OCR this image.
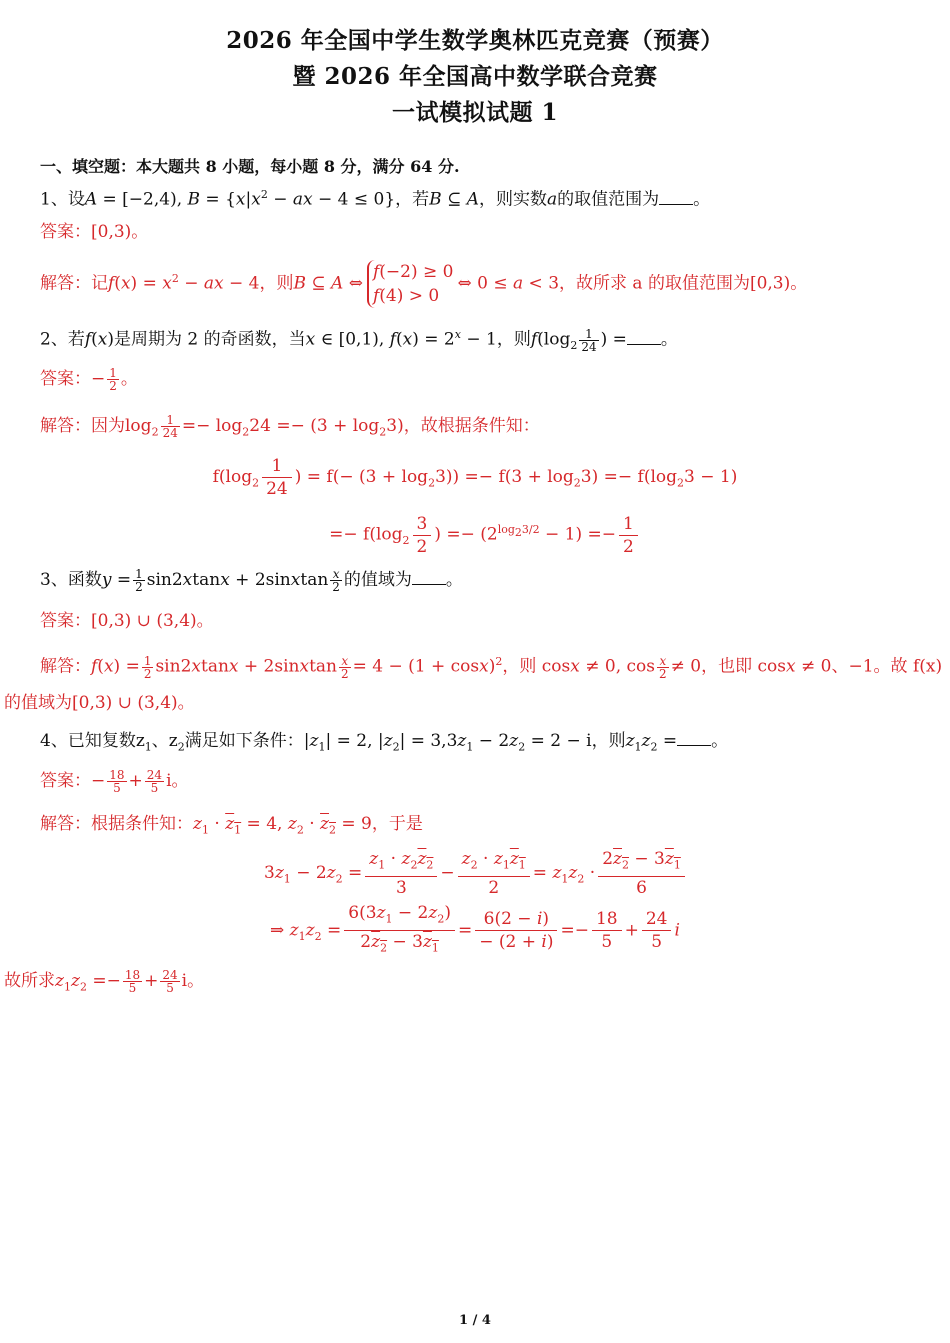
2026 年全国中学生数学奥林匹克竞赛（预赛）
暨 2026 年全国高中数学联合竞赛
一试模拟试题 1
一、填空题：本大题共 8 小题，每小题 8 分，满分 64 分.
1、设A = [−2,4), $B = \{x|x^2$ − ax − 4 ≤ 0}，若B ⊆ A，则实数a的取值范围为 。
答案：[0,3)。
解答：记$f(x) = x^2$ − ax − 4，则B ⊆ A ⇔
f(−2) ≥ 0
f(4) > 0
⇔ 0 ≤ a < 3，故所求 a 的取值范围为[0,3)。
2、若f(x)是周期为 2 的奇函数，当x ∈ [0,1), $f(x) = 2^x - 1$，则$f(\log_2 \frac{1}{24}$ ) = 。
答案：− $\frac{1}{2}$ 。
解答：因为$\log_2 \frac{1}{24} =- \log_224 =- (3 + \log_23)$，故根据条件知：
$f(\log_2 \frac{1}{24}$ ) = $f(- (3 + \log_23)) =- f(3 + \log_23) =- f(\log_23 - 1)$
=− $f(\log_2 \frac{3}{2}$ ) =− $(2^{log_23/2} - 1) =- \frac{1}{2}$
3、函数$y = \frac{1}{2} \sin 2xtanx$ + 2sinxtan $\frac{x}{2}$ 的值域为 。
答案：[0,3) ∪ (3,4)。
解答：$f(x) = \frac{1}{2} \sin 2xtanx$ + 2sinxtan $\frac{x}{2} = 4 - (1 + \cos x)^2$，则 cosx ≠ 0, $\cos \frac{x}{2} \ne 0$，也即 cosx ≠ 0、−1。故 f(x)
的值域为[0,3) ∪ (3,4)。
4、已知复数$z_1$、$z_2$满足如下条件：$|z_1| = 2$, $|z_2| = 3,3z_1 - 2z_2 = 2 - i$，则$z_1z_2$ = 。
答案：− $\frac{18}{5} + \frac{24}{5}$ i。
解答：根据条件知：$z_1 \cdot z_1 = 4$, $z_2 \cdot z_2 = 9$，于是
$3z_1 - 2z_2 = \frac{z_1 \cdot z_2z_2}{3} - \frac{z_2 \cdot z_1z_1}{2} = z_1z_2 \cdot \frac{2z_2 - 3z_1}{6}$
⇒ $z_1z_2 = \frac{6(3z_1 - 2z_2)}{2z_2 - 3z_1} = \frac{6(2 - i)}{- (2 + i)} =- \frac{18}{5} + \frac{24}{5}$ i
故所求$z_1z_2 =- \frac{18}{5} + \frac{24}{5}$ i。
1 / 4
